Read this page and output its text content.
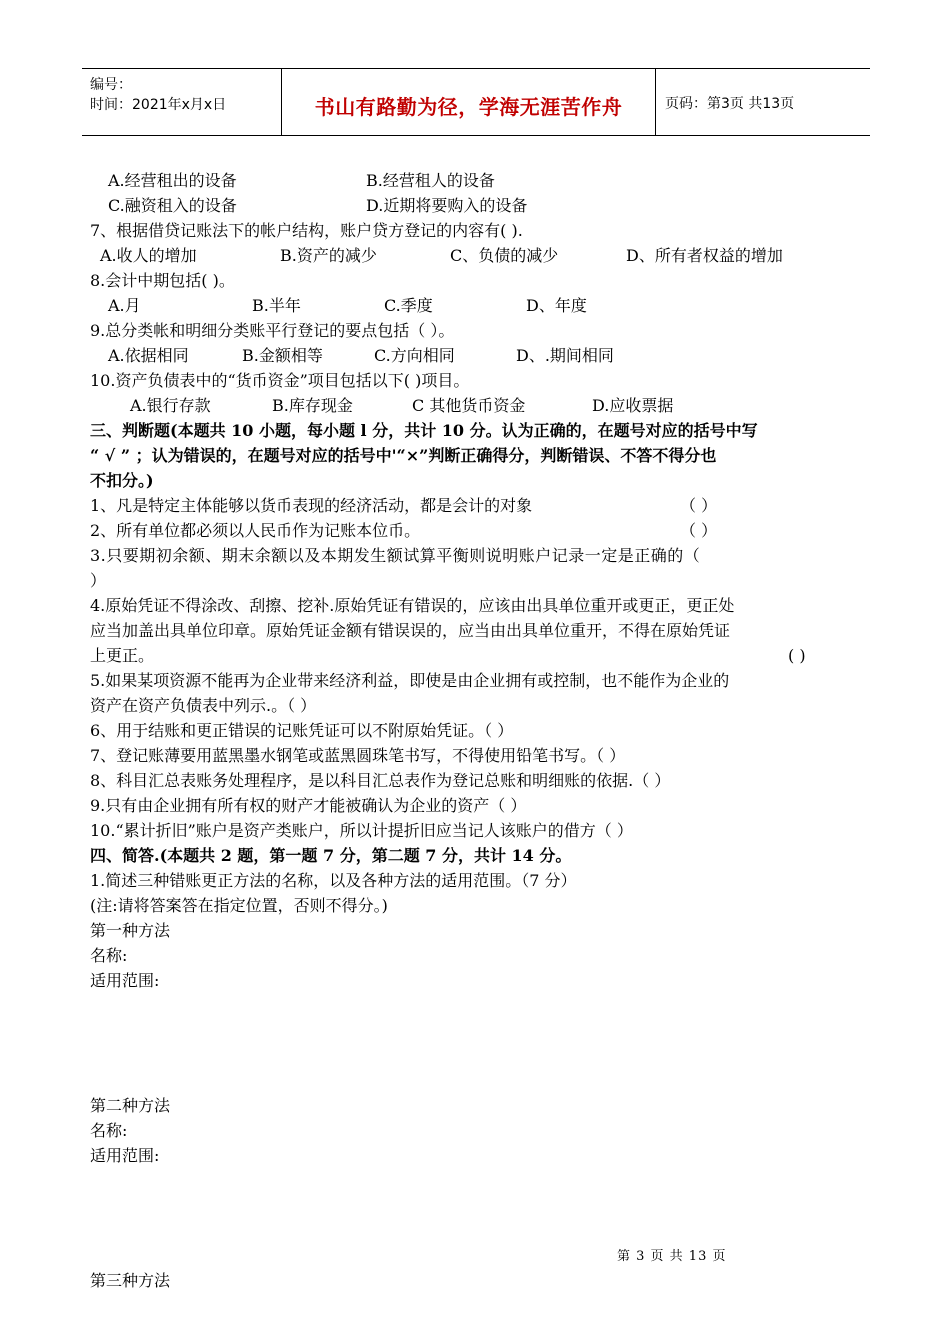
编号：
时间：2021年x月x日	书山有路勤为径，学海无涯苦作舟	页码：第3页 共13页
A.经营租出的设备	B.经营租人的设备
C.融资租入的设备	D.近期将要购入的设备
7、根据借贷记账法下的帐户结构，账户贷方登记的内容有( ).
A.收人的增加	B.资产的减少	C、负债的减少	D、所有者权益的增加
8.会计中期包括( )。
A.月	B.半年	C.季度	D、年度
9.总分类帐和明细分类账平行登记的要点包括（ ）。
A.依据相同	B.金额相等	C.方向相同	D、.期间相同
10.资产负债表中的“货币资金”项目包括以下( )项目。
A.银行存款	B.库存现金	C 其他货币资金	D.应收票据
三、判断题(本题共 10 小题，每小题 l 分，共计 10 分。认为正确的，在题号对应的括号中写
“ √ ” ；认为错误的，在题号对应的括号中'“×”判断正确得分，判断错误、不答不得分也
不扣分。)
1、凡是特定主体能够以货币表现的经济活动，都是会计的对象	（ ）
2、所有单位都必须以人民币作为记账本位币。	（ ）
3.只要期初余额、期末余额以及本期发生额试算平衡则说明账户记录一定是正确的（
）
4.原始凭证不得涂改、刮擦、挖补.原始凭证有错误的，应该由出具单位重开或更正，更正处
应当加盖出具单位印章。原始凭证金额有错误误的，应当由出具单位重开，不得在原始凭证
上更正。	( )
5.如果某项资源不能再为企业带来经济利益，即使是由企业拥有或控制，也不能作为企业的
资产在资产负债表中列示.。（ ）
6、用于结账和更正错误的记账凭证可以不附原始凭证。（ ）
7、登记账薄要用蓝黑墨水钢笔或蓝黑圆珠笔书写，不得使用铅笔书写。（ ）
8、科目汇总表账务处理程序，是以科目汇总表作为登记总账和明细账的依据.（ ）
9.只有由企业拥有所有权的财产才能被确认为企业的资产（ ）
10.“累计折旧”账户是资产类账户，所以计提折旧应当记人该账户的借方（ ）
四、简答.(本题共 2 题，第一题 7 分，第二题 7 分，共计 14 分。
1.简述三种错账更正方法的名称，以及各种方法的适用范围。（7 分）
(注:请将答案答在指定位置，否则不得分。)
第一种方法
名称:
适用范围:
第二种方法
名称:
适用范围:
第三种方法
第 3 页 共 13 页
